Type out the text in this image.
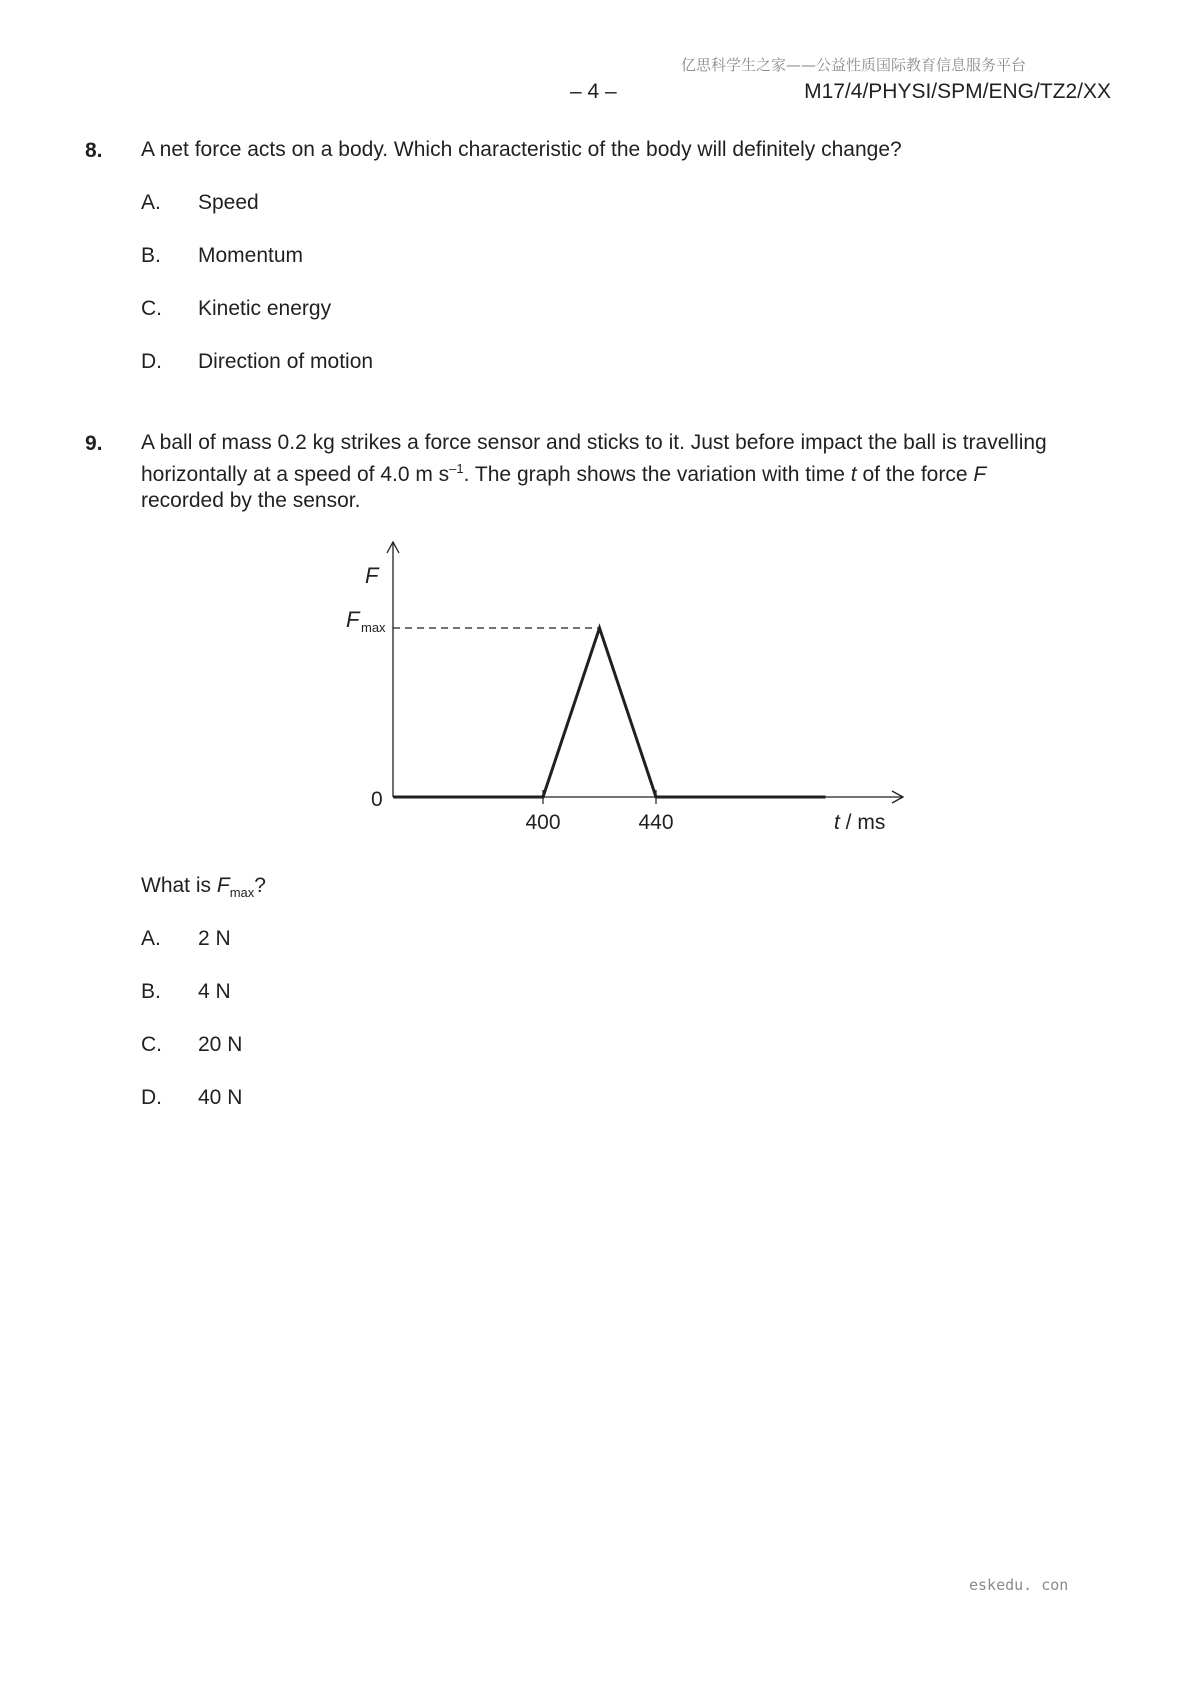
亿思科学生之家——公益性质国际教育信息服务平台
– 4 –	M17/4/PHYSI/SPM/ENG/TZ2/XX
8. A net force acts on a body. Which characteristic of the body will definitely change?
A. Speed
B. Momentum
C. Kinetic energy
D. Direction of motion
9. A ball of mass 0.2 kg strikes a force sensor and sticks to it. Just before impact the ball is travelling
horizontally at a speed of 4.0 m $s^{-1}$. The graph shows the variation with time t of the force F
recorded by the sensor.
F
F max
0
400	440	t / ms
What is $F_{max}$?
A. 2 N
B. 4 N
C. 20 N
D. 40 N
eskedu. con
